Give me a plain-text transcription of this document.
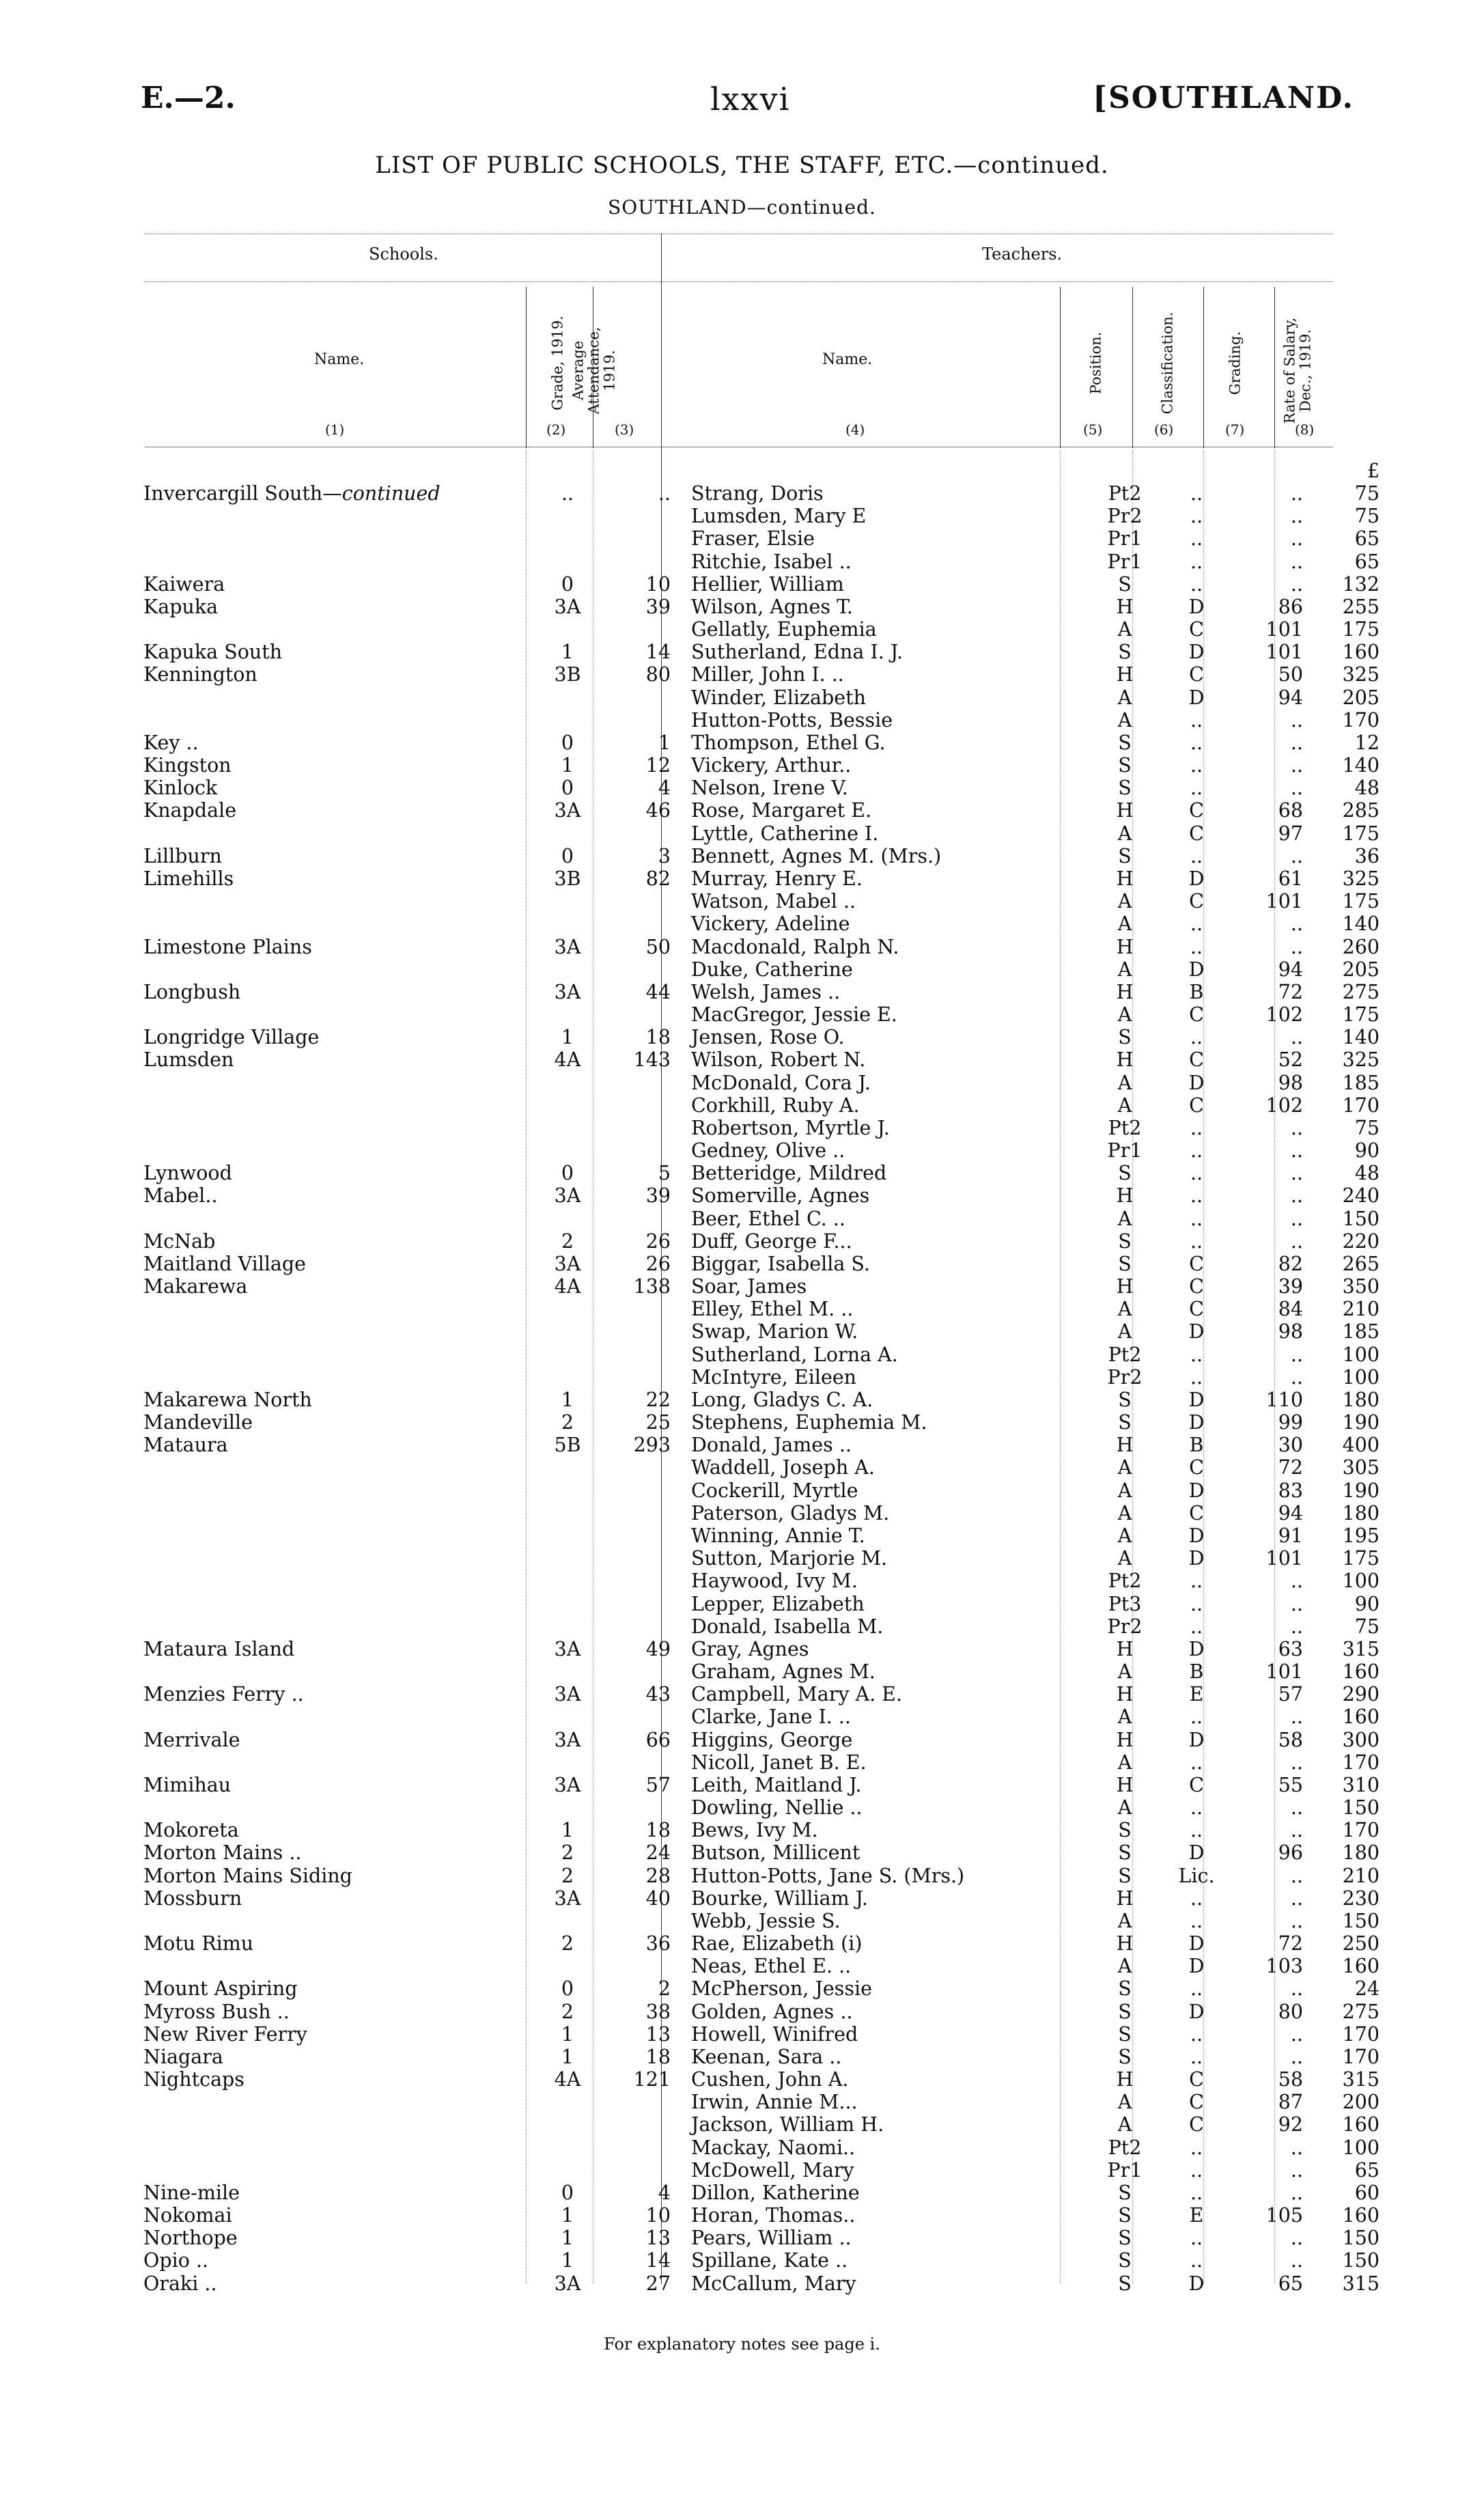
E.—2.	lxxvi	[SOUTHLAND.
LIST OF PUBLIC SCHOOLS, THE STAFF, ETC.—continued.
SOUTHLAND—continued.
Schools.	Teachers.
Name.	Grade, 1919. Average Attendance, 1919.	Name.	Position.	Classification.	Grading.	Rate of Salary, Dec., 1919.
(1)	(2)	(3)	(4)	(5)	(6)	(7)	(8)
							£
Invercargill South—continued	..	..	Strang, Doris	Pt2	..	..	75
			Lumsden, Mary E	Pr2	..	..	75
			Fraser, Elsie	Pr1	..	..	65
			Ritchie, Isabel ..	Pr1	..	..	65
Kaiwera	0	10	Hellier, William	S	..	..	132
Kapuka	3A	39	Wilson, Agnes T.	H	D	86	255
			Gellatly, Euphemia	A	C	101	175
Kapuka South	1	14	Sutherland, Edna I. J.	S	D	101	160
Kennington	3B	80	Miller, John I. ..	H	C	50	325
			Winder, Elizabeth	A	D	94	205
			Hutton-Potts, Bessie	A	..	..	170
Key ..	0	1	Thompson, Ethel G.	S	..	..	12
Kingston	1	12	Vickery, Arthur..	S	..	..	140
Kinlock	0	4	Nelson, Irene V.	S	..	..	48
Knapdale	3A	46	Rose, Margaret E.	H	C	68	285
			Lyttle, Catherine I.	A	C	97	175
Lillburn	0	3	Bennett, Agnes M. (Mrs.)	S	..	..	36
Limehills	3B	82	Murray, Henry E.	H	D	61	325
			Watson, Mabel ..	A	C	101	175
			Vickery, Adeline	A	..	..	140
Limestone Plains	3A	50	Macdonald, Ralph N.	H	..	..	260
			Duke, Catherine	A	D	94	205
Longbush	3A	44	Welsh, James ..	H	B	72	275
			MacGregor, Jessie E.	A	C	102	175
Longridge Village	1	18	Jensen, Rose O.	S	..	..	140
Lumsden	4A	143	Wilson, Robert N.	H	C	52	325
			McDonald, Cora J.	A	D	98	185
			Corkhill, Ruby A.	A	C	102	170
			Robertson, Myrtle J.	Pt2	..	..	75
			Gedney, Olive ..	Pr1	..	..	90
Lynwood	0	5	Betteridge, Mildred	S	..	..	48
Mabel..	3A	39	Somerville, Agnes	H	..	..	240
			Beer, Ethel C. ..	A	..	..	150
McNab	2	26	Duff, George F...	S	..	..	220
Maitland Village	3A	26	Biggar, Isabella S.	S	C	82	265
Makarewa	4A	138	Soar, James	H	C	39	350
			Elley, Ethel M. ..	A	C	84	210
			Swap, Marion W.	A	D	98	185
			Sutherland, Lorna A.	Pt2	..	..	100
			McIntyre, Eileen	Pr2	..	..	100
Makarewa North	1	22	Long, Gladys C. A.	S	D	110	180
Mandeville	2	25	Stephens, Euphemia M.	S	D	99	190
Mataura	5B	293	Donald, James ..	H	B	30	400
			Waddell, Joseph A.	A	C	72	305
			Cockerill, Myrtle	A	D	83	190
			Paterson, Gladys M.	A	C	94	180
			Winning, Annie T.	A	D	91	195
			Sutton, Marjorie M.	A	D	101	175
			Haywood, Ivy M.	Pt2	..	..	100
			Lepper, Elizabeth	Pt3	..	..	90
			Donald, Isabella M.	Pr2	..	..	75
Mataura Island	3A	49	Gray, Agnes	H	D	63	315
			Graham, Agnes M.	A	B	101	160
Menzies Ferry ..	3A	43	Campbell, Mary A. E.	H	E	57	290
			Clarke, Jane I. ..	A	..	..	160
Merrivale	3A	66	Higgins, George	H	D	58	300
			Nicoll, Janet B. E.	A	..	..	170
Mimihau	3A	57	Leith, Maitland J.	H	C	55	310
			Dowling, Nellie ..	A	..	..	150
Mokoreta	1	18	Bews, Ivy M.	S	..	..	170
Morton Mains ..	2	24	Butson, Millicent	S	D	96	180
Morton Mains Siding	2	28	Hutton-Potts, Jane S. (Mrs.)	S	Lic.	..	210
Mossburn	3A	40	Bourke, William J.	H	..	..	230
			Webb, Jessie S.	A	..	..	150
Motu Rimu	2	36	Rae, Elizabeth (i)	H	D	72	250
			Neas, Ethel E. ..	A	D	103	160
Mount Aspiring	0	2	McPherson, Jessie	S	..	..	24
Myross Bush ..	2	38	Golden, Agnes ..	S	D	80	275
New River Ferry	1	13	Howell, Winifred	S	..	..	170
Niagara	1	18	Keenan, Sara ..	S	..	..	170
Nightcaps	4A	121	Cushen, John A.	H	C	58	315
			Irwin, Annie M...	A	C	87	200
			Jackson, William H.	A	C	92	160
			Mackay, Naomi..	Pt2	..	..	100
			McDowell, Mary	Pr1	..	..	65
Nine-mile	0	4	Dillon, Katherine	S	..	..	60
Nokomai	1	10	Horan, Thomas..	S	E	105	160
Northope	1	13	Pears, William ..	S	..	..	150
Opio ..	1	14	Spillane, Kate ..	S	..	..	150
Oraki ..	3A	27	McCallum, Mary	S	D	65	315
For explanatory notes see page i.
